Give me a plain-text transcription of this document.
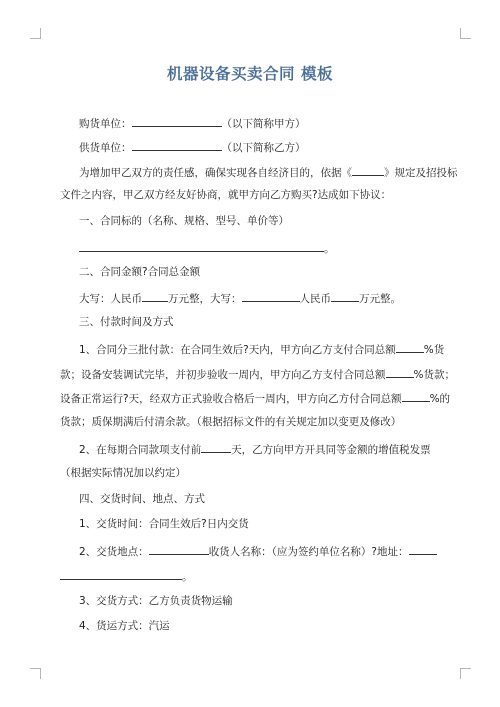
机器设备买卖合同 模板
购货单位：	（以下简称甲方）
供货单位：	（以下简称乙方）
为增加甲乙双方的责任感，确保实现各自经济目的，依据《	》规定及招投标
文件之内容，甲乙双方经友好协商，就甲方向乙方购买?达成如下协议：
一、合同标的（名称、规格、型号、单价等）
。
二、合同金额?合同总金额
大写：人民币 万元整，大写：	人民币	万元整。
三、付款时间及方式
1、合同分三批付款：在合同生效后?天内，甲方向乙方支付合同总额	%货
款；设备安装调试完毕，并初步验收一周内，甲方向乙方支付合同总额	%货款；
设备正常运行?天，经双方正式验收合格后一周内，甲方向乙方付合同总额	%的
货款；质保期满后付清余款。（根据招标文件的有关规定加以变更及修改）
2、在每期合同款项支付前	天，乙方向甲方开具同等金额的增值税发票
（根据实际情况加以约定）
四、交货时间、地点、方式
1、交货时间：合同生效后?日内交货
2、交货地点：	收货人名称：（应为签约单位名称）?地址：
。
3、交货方式：乙方负责货物运输
4、货运方式：汽运
